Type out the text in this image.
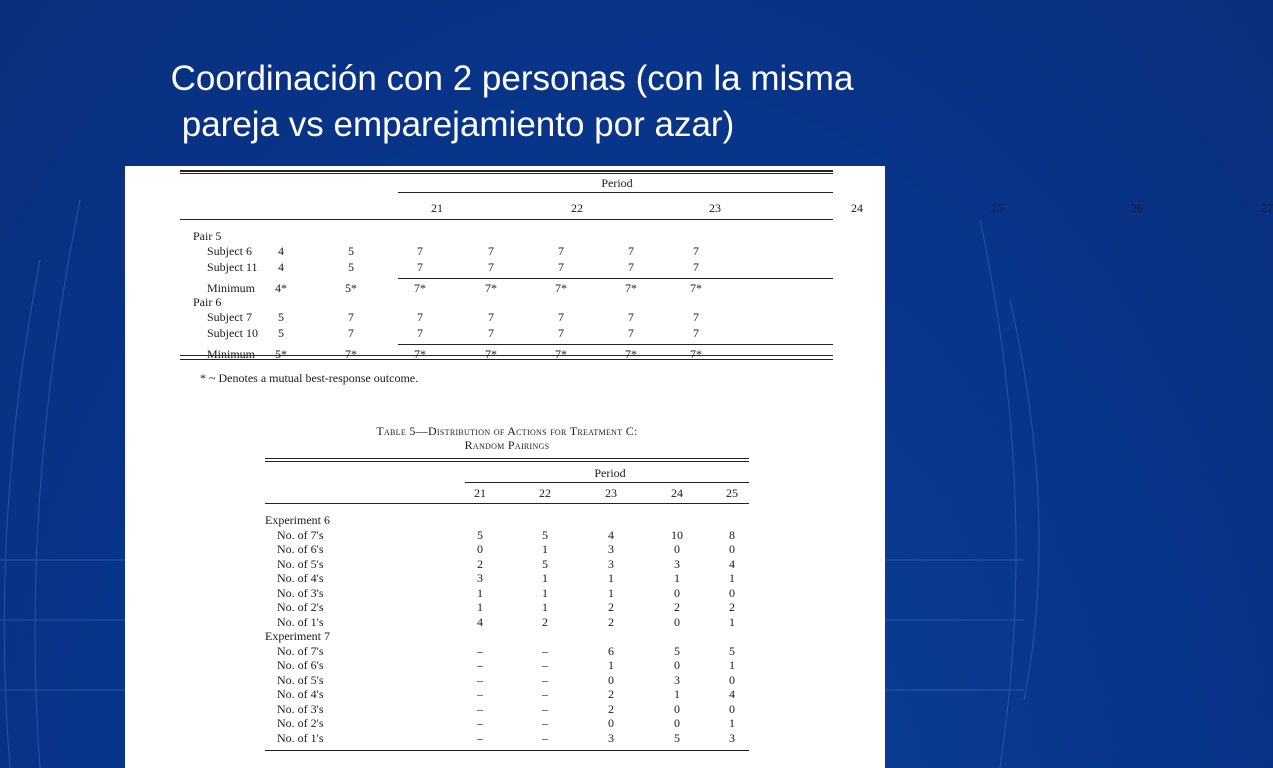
Coordinación con 2 personas (con la misma
pareja vs emparejamiento por azar)
Period
21	22	23	24	25	26	27
Pair 5
Subject 6 4	5	7	7	7	7	7
Subject 11 4	5	7	7	7	7	7
Minimum 4*	5*	7*	7*	7*	7*	7*
Pair 6
Subject 7 5	7	7	7	7	7	7
Subject 10 5	7	7	7	7	7	7
Minimum 5*	7*	7*	7*	7*	7*	7*
* ~ Denotes a mutual best-response outcome.
Table 5—Distribution of Actions for Treatment C:
Random Pairings
Period
21	22	23	24	25
Experiment 6
No. of 7's	5	5	4	10	8
No. of 6's	0	1	3	0	0
No. of 5's	2	5	3	3	4
No. of 4's	3	1	1	1	1
No. of 3's	1	1	1	0	0
No. of 2's	1	1	2	2	2
No. of 1's	4	2	2	0	1
Experiment 7
No. of 7's	–	–	6	5	5
No. of 6's	–	–	1	0	1
No. of 5's	–	–	0	3	0
No. of 4's	–	–	2	1	4
No. of 3's	–	–	2	0	0
No. of 2's	–	–	0	0	1
No. of 1's	–	–	3	5	3
